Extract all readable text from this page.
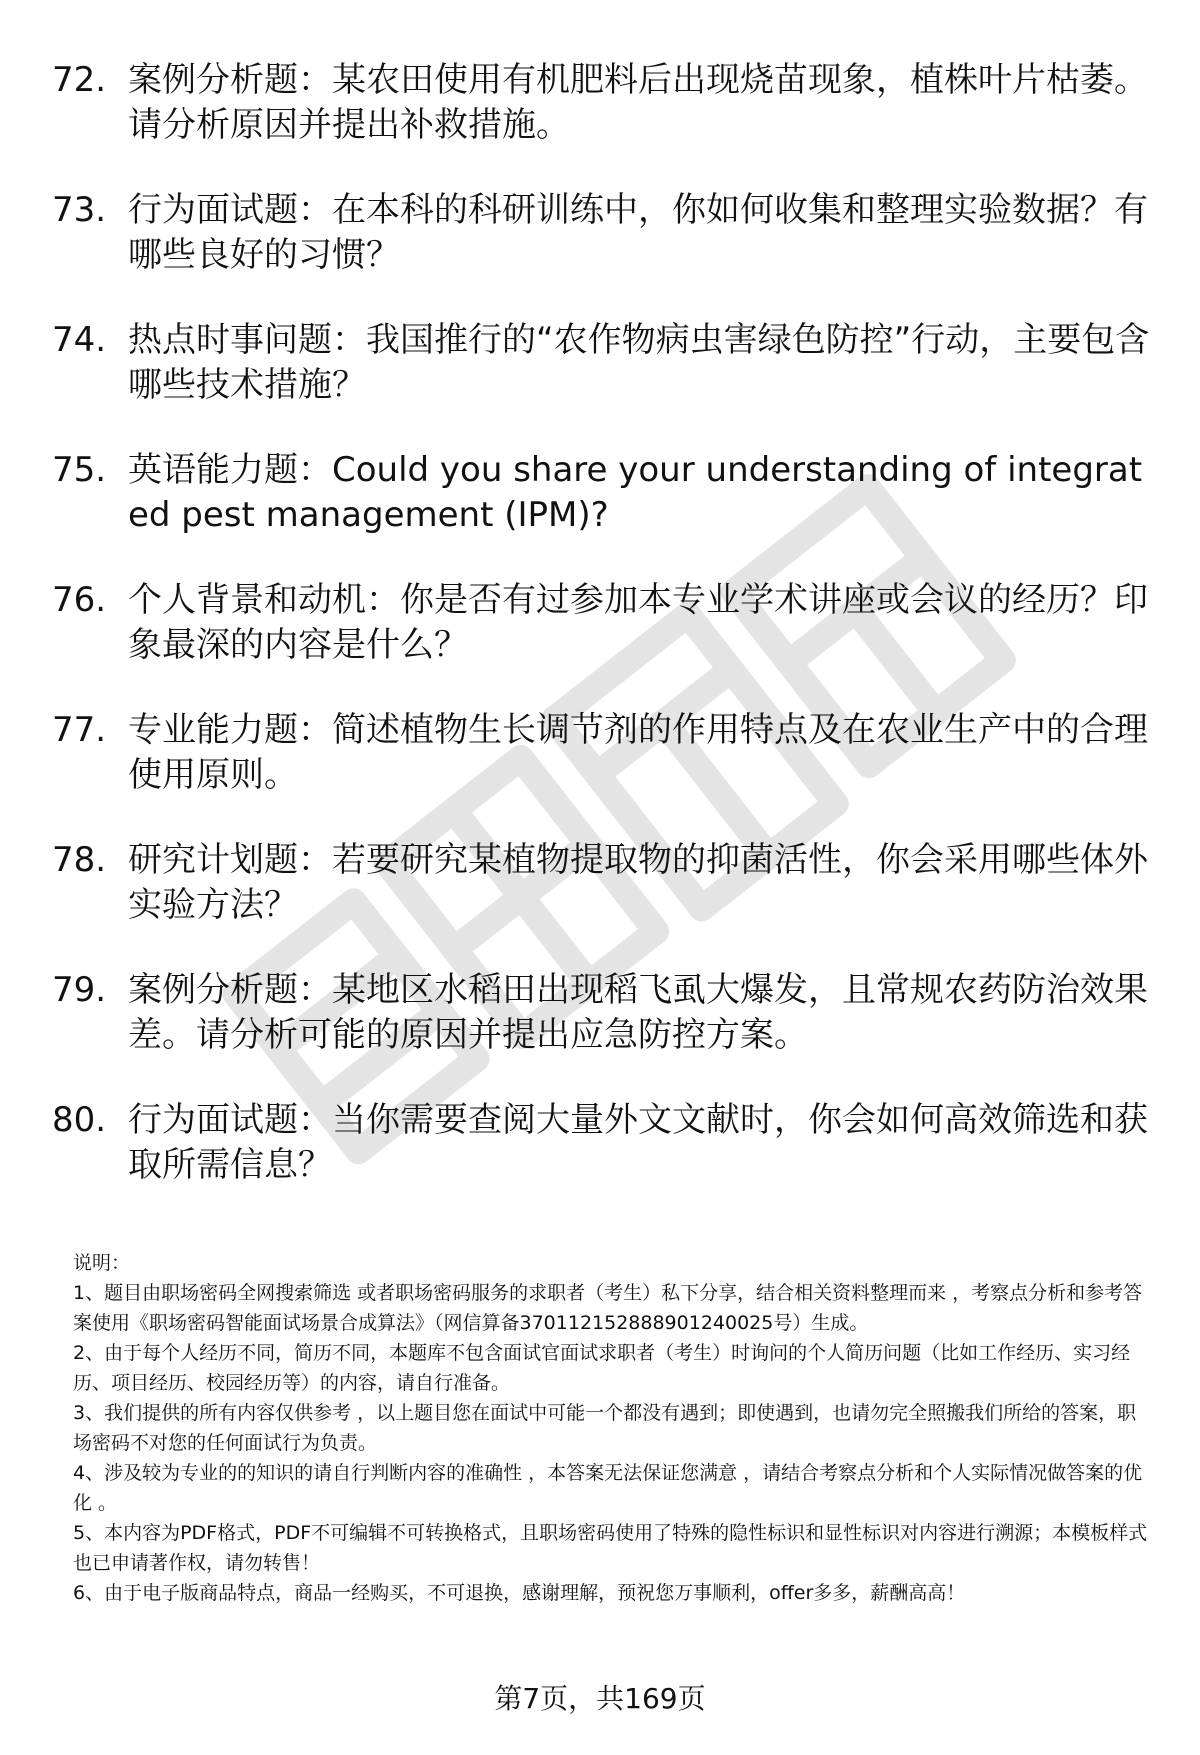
72. 案例分析题：某农田使用有机肥料后出现烧苗现象，植株叶片枯萎。请分析原因并提出补救措施。
73. 行为面试题：在本科的科研训练中，你如何收集和整理实验数据？有哪些良好的习惯？
74. 热点时事问题：我国推行的“农作物病虫害绿色防控”行动，主要包含哪些技术措施？
75. 英语能力题：Could you share your understanding of integrated pest management (IPM)?
76. 个人背景和动机：你是否有过参加本专业学术讲座或会议的经历？印象最深的内容是什么？
77. 专业能力题：简述植物生长调节剂的作用特点及在农业生产中的合理使用原则。
78. 研究计划题：若要研究某植物提取物的抑菌活性，你会采用哪些体外实验方法？
79. 案例分析题：某地区水稻田出现稻飞虱大爆发，且常规农药防治效果差。请分析可能的原因并提出应急防控方案。
80. 行为面试题：当你需要查阅大量外文文献时，你会如何高效筛选和获取所需信息？

说明：

1、题目由职场密码全网搜索筛选 或者职场密码服务的求职者（考生）私下分享，结合相关资料整理而来 ，考察点分析和参考答案使用《职场密码智能面试场景合成算法》（网信算备370112152888901240025号）生成。

2、由于每个人经历不同，简历不同，本题库不包含面试官面试求职者（考生）时询问的个人简历问题（比如工作经历、实习经历、项目经历、校园经历等）的内容，请自行准备。

3、我们提供的所有内容仅供参考 ，以上题目您在面试中可能一个都没有遇到；即使遇到，也请勿完全照搬我们所给的答案，职场密码不对您的任何面试行为负责。

4、涉及较为专业的的知识的请自行判断内容的准确性 ，本答案无法保证您满意 ，请结合考察点分析和个人实际情况做答案的优化 。

5、本内容为PDF格式，PDF不可编辑不可转换格式，且职场密码使用了特殊的隐性标识和显性标识对内容进行溯源；本模板样式也已申请著作权，请勿转售！

6、由于电子版商品特点，商品一经购买，不可退换，感谢理解，预祝您万事顺利，offer多多，薪酬高高！

第7页，共169页
